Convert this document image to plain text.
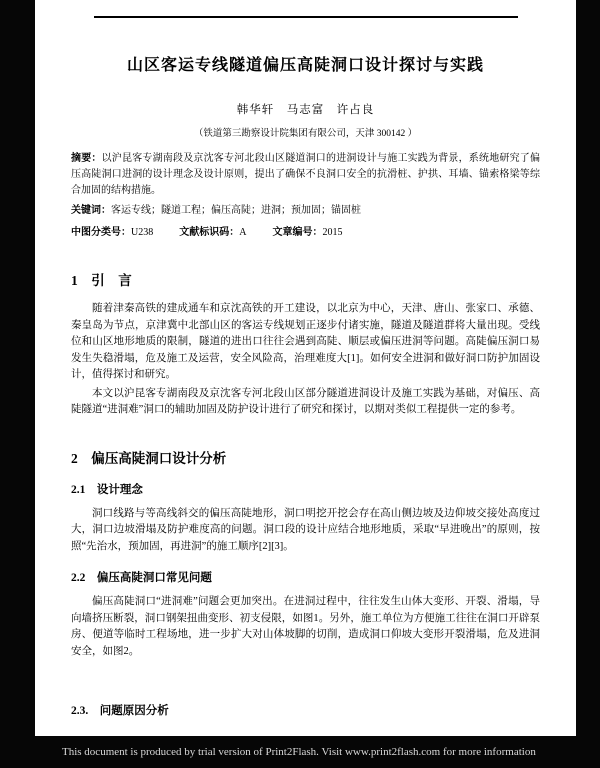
山区客运专线隧道偏压高陡洞口设计探讨与实践
韩华轩　马志富　许占良
（铁道第三勘察设计院集团有限公司，天津 300142 ）

摘要：以沪昆客专湖南段及京沈客专河北段山区隧道洞口的进洞设计与施工实践为背景，系统地研究了偏压高陡洞口进洞的设计理念及设计原则，提出了确保不良洞口安全的抗滑桩、护拱、耳墙、锚索格梁等综合加固的结构措施。

关键词：客运专线；隧道工程；偏压高陡；进洞；预加固；锚固桩

中图分类号：U238	文献标识码：A	文章编号：2015

1　引　言

随着津秦高铁的建成通车和京沈高铁的开工建设，以北京为中心，天津、唐山、张家口、承德、秦皇岛为节点，京津冀中北部山区的客运专线规划正逐步付诸实施，隧道及隧道群将大量出现。受线位和山区地形地质的限制，隧道的进出口往往会遇到高陡、顺层或偏压进洞等问题。高陡偏压洞口易发生失稳滑塌，危及施工及运营，安全风险高，治理难度大[1]。如何安全进洞和做好洞口防护加固设计，值得探讨和研究。

本文以沪昆客专湖南段及京沈客专河北段山区部分隧道进洞设计及施工实践为基础，对偏压、高陡隧道“进洞难”洞口的辅助加固及防护设计进行了研究和探讨，以期对类似工程提供一定的参考。

2　偏压高陡洞口设计分析
2.1　设计理念

洞口线路与等高线斜交的偏压高陡地形，洞口明挖开挖会存在高山侧边坡及边仰坡交接处高度过大，洞口边坡滑塌及防护难度高的问题。洞口段的设计应结合地形地质，采取“早进晚出”的原则，按照“先治水，预加固，再进洞”的施工顺序[2][3]。

2.2　偏压高陡洞口常见问题

偏压高陡洞口“进洞难”问题会更加突出。在进洞过程中，往往发生山体大变形、开裂、滑塌，导向墙挤压断裂，洞口钢架扭曲变形、初支侵限，如图1。另外，施工单位为方便施工往往在洞口开辟泵房、便道等临时工程场地，进一步扩大对山体坡脚的切削，造成洞口仰坡大变形开裂滑塌，危及进洞安全，如图2。

2.3.　问题原因分析
This document is produced by trial version of Print2Flash. Visit www.print2flash.com for more information
